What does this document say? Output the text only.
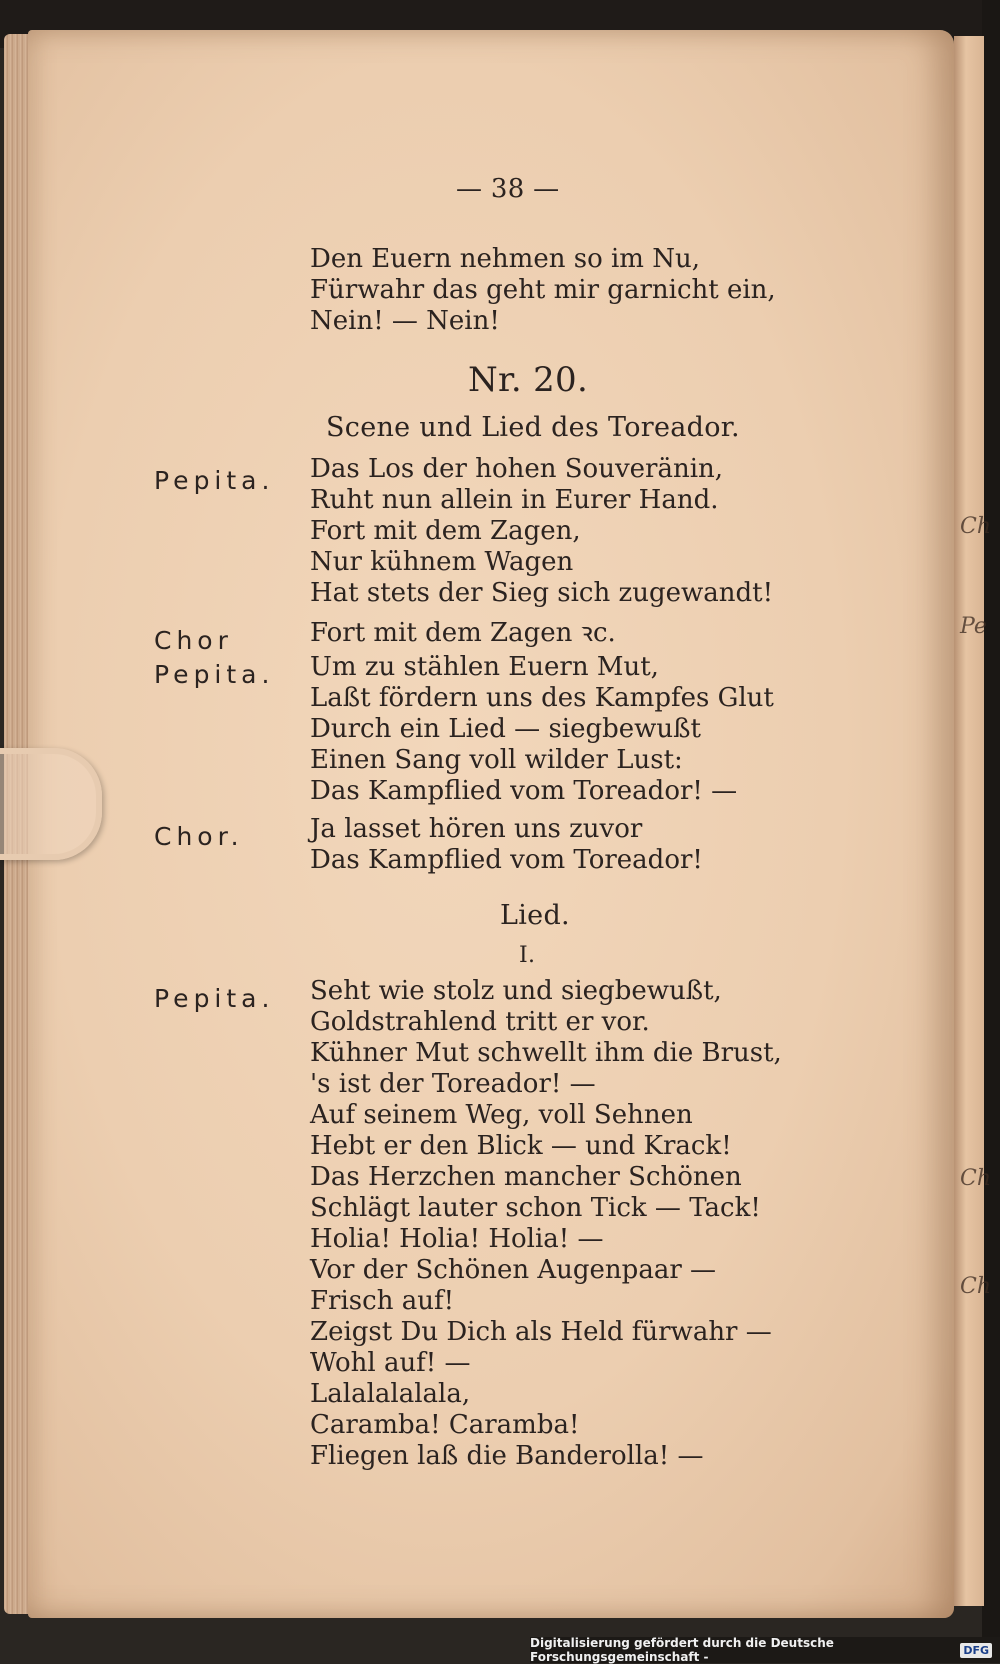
Ch
Pe
Ch
Ch
— 38 —
Den Euern nehmen so im Nu,
Fürwahr das geht mir garnicht ein,
Nein! — Nein!
Nr. 20.
Scene und Lied des Toreador.
Pepita. Das Los der hohen Souveränin,
Ruht nun allein in Eurer Hand.
Fort mit dem Zagen,
Nur kühnem Wagen
Hat stets der Sieg sich zugewandt!
Chor	Fort mit dem Zagen ꝛc.
Pepita. Um zu stählen Euern Mut,
Laßt fördern uns des Kampfes Glut
Durch ein Lied — siegbewußt
Einen Sang voll wilder Lust:
Das Kampflied vom Toreador! —
Chor.	Ja lasset hören uns zuvor
Das Kampflied vom Toreador!
Lied.
I.
Pepita. Seht wie stolz und siegbewußt,
Goldstrahlend tritt er vor.
Kühner Mut schwellt ihm die Brust,
's ist der Toreador! —
Auf seinem Weg, voll Sehnen
Hebt er den Blick — und Krack!
Das Herzchen mancher Schönen
Schlägt lauter schon Tick — Tack!
Holia! Holia! Holia! —
Vor der Schönen Augenpaar —
Frisch auf!
Zeigst Du Dich als Held fürwahr —
Wohl auf! —
Lalalalalala,
Caramba! Caramba!
Fliegen laß die Banderolla! —
Digitalisierung gefördert durch die Deutsche Forschungsgemeinschaft -	DFG
